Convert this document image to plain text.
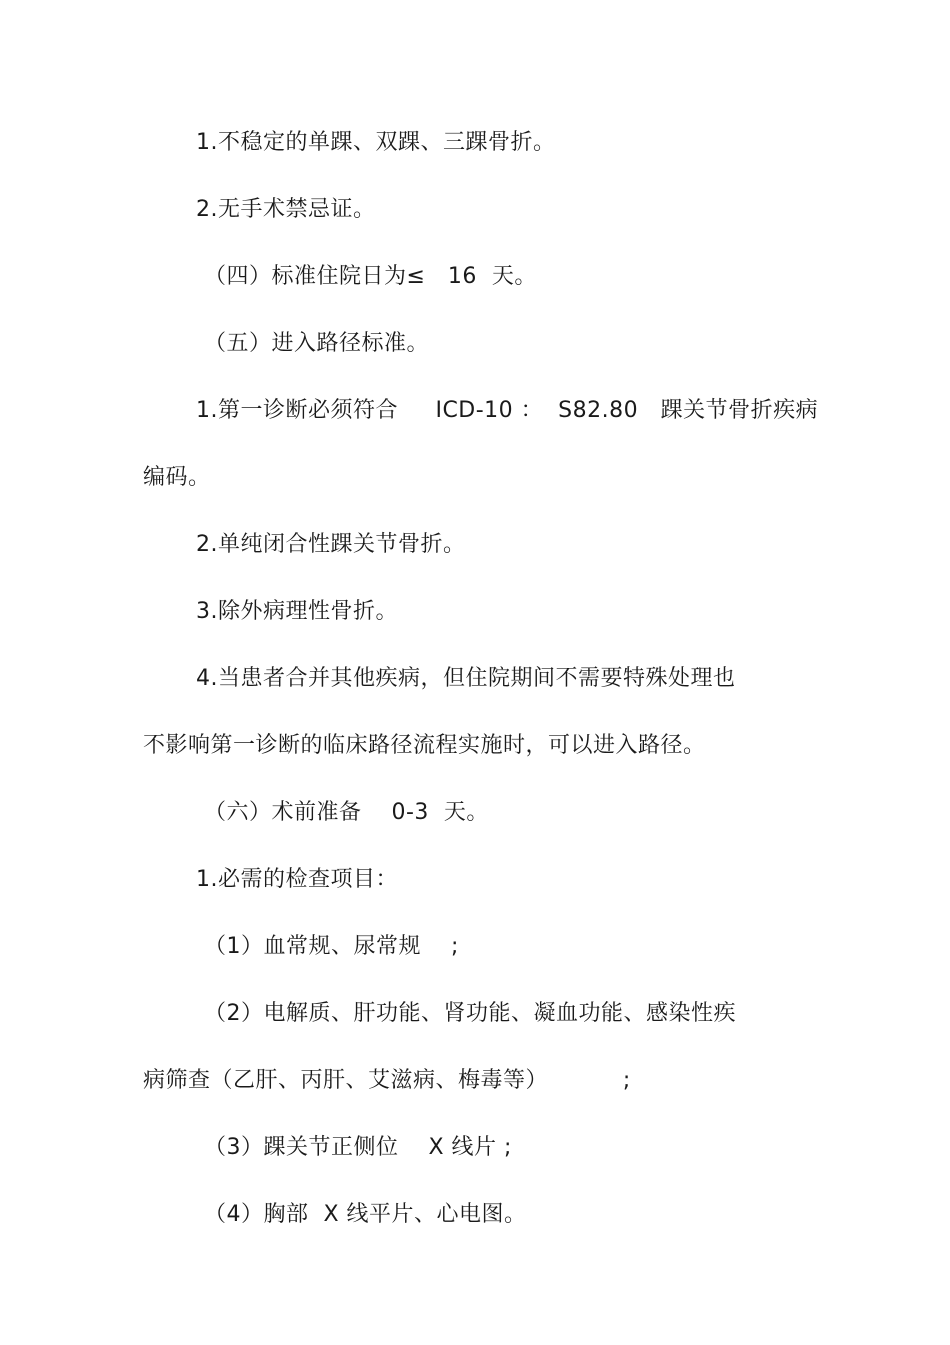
1.不稳定的单踝、双踝、三踝骨折。
2.无手术禁忌证。
（四）标准住院日为≤   16  天。
（五）进入路径标准。
1.第一诊断必须符合     ICD-10 ：  S82.80   踝关节骨折疾病
编码。
2.单纯闭合性踝关节骨折。
3.除外病理性骨折。
4.当患者合并其他疾病，但住院期间不需要特殊处理也
不影响第一诊断的临床路径流程实施时，可以进入路径。
（六）术前准备    0-3  天。
1.必需的检查项目：
（1）血常规、尿常规    ;
（2）电解质、肝功能、肾功能、凝血功能、感染性疾
病筛查（乙肝、丙肝、艾滋病、梅毒等）          ;
（3）踝关节正侧位    X 线片 ;
（4）胸部  X 线平片、心电图。
